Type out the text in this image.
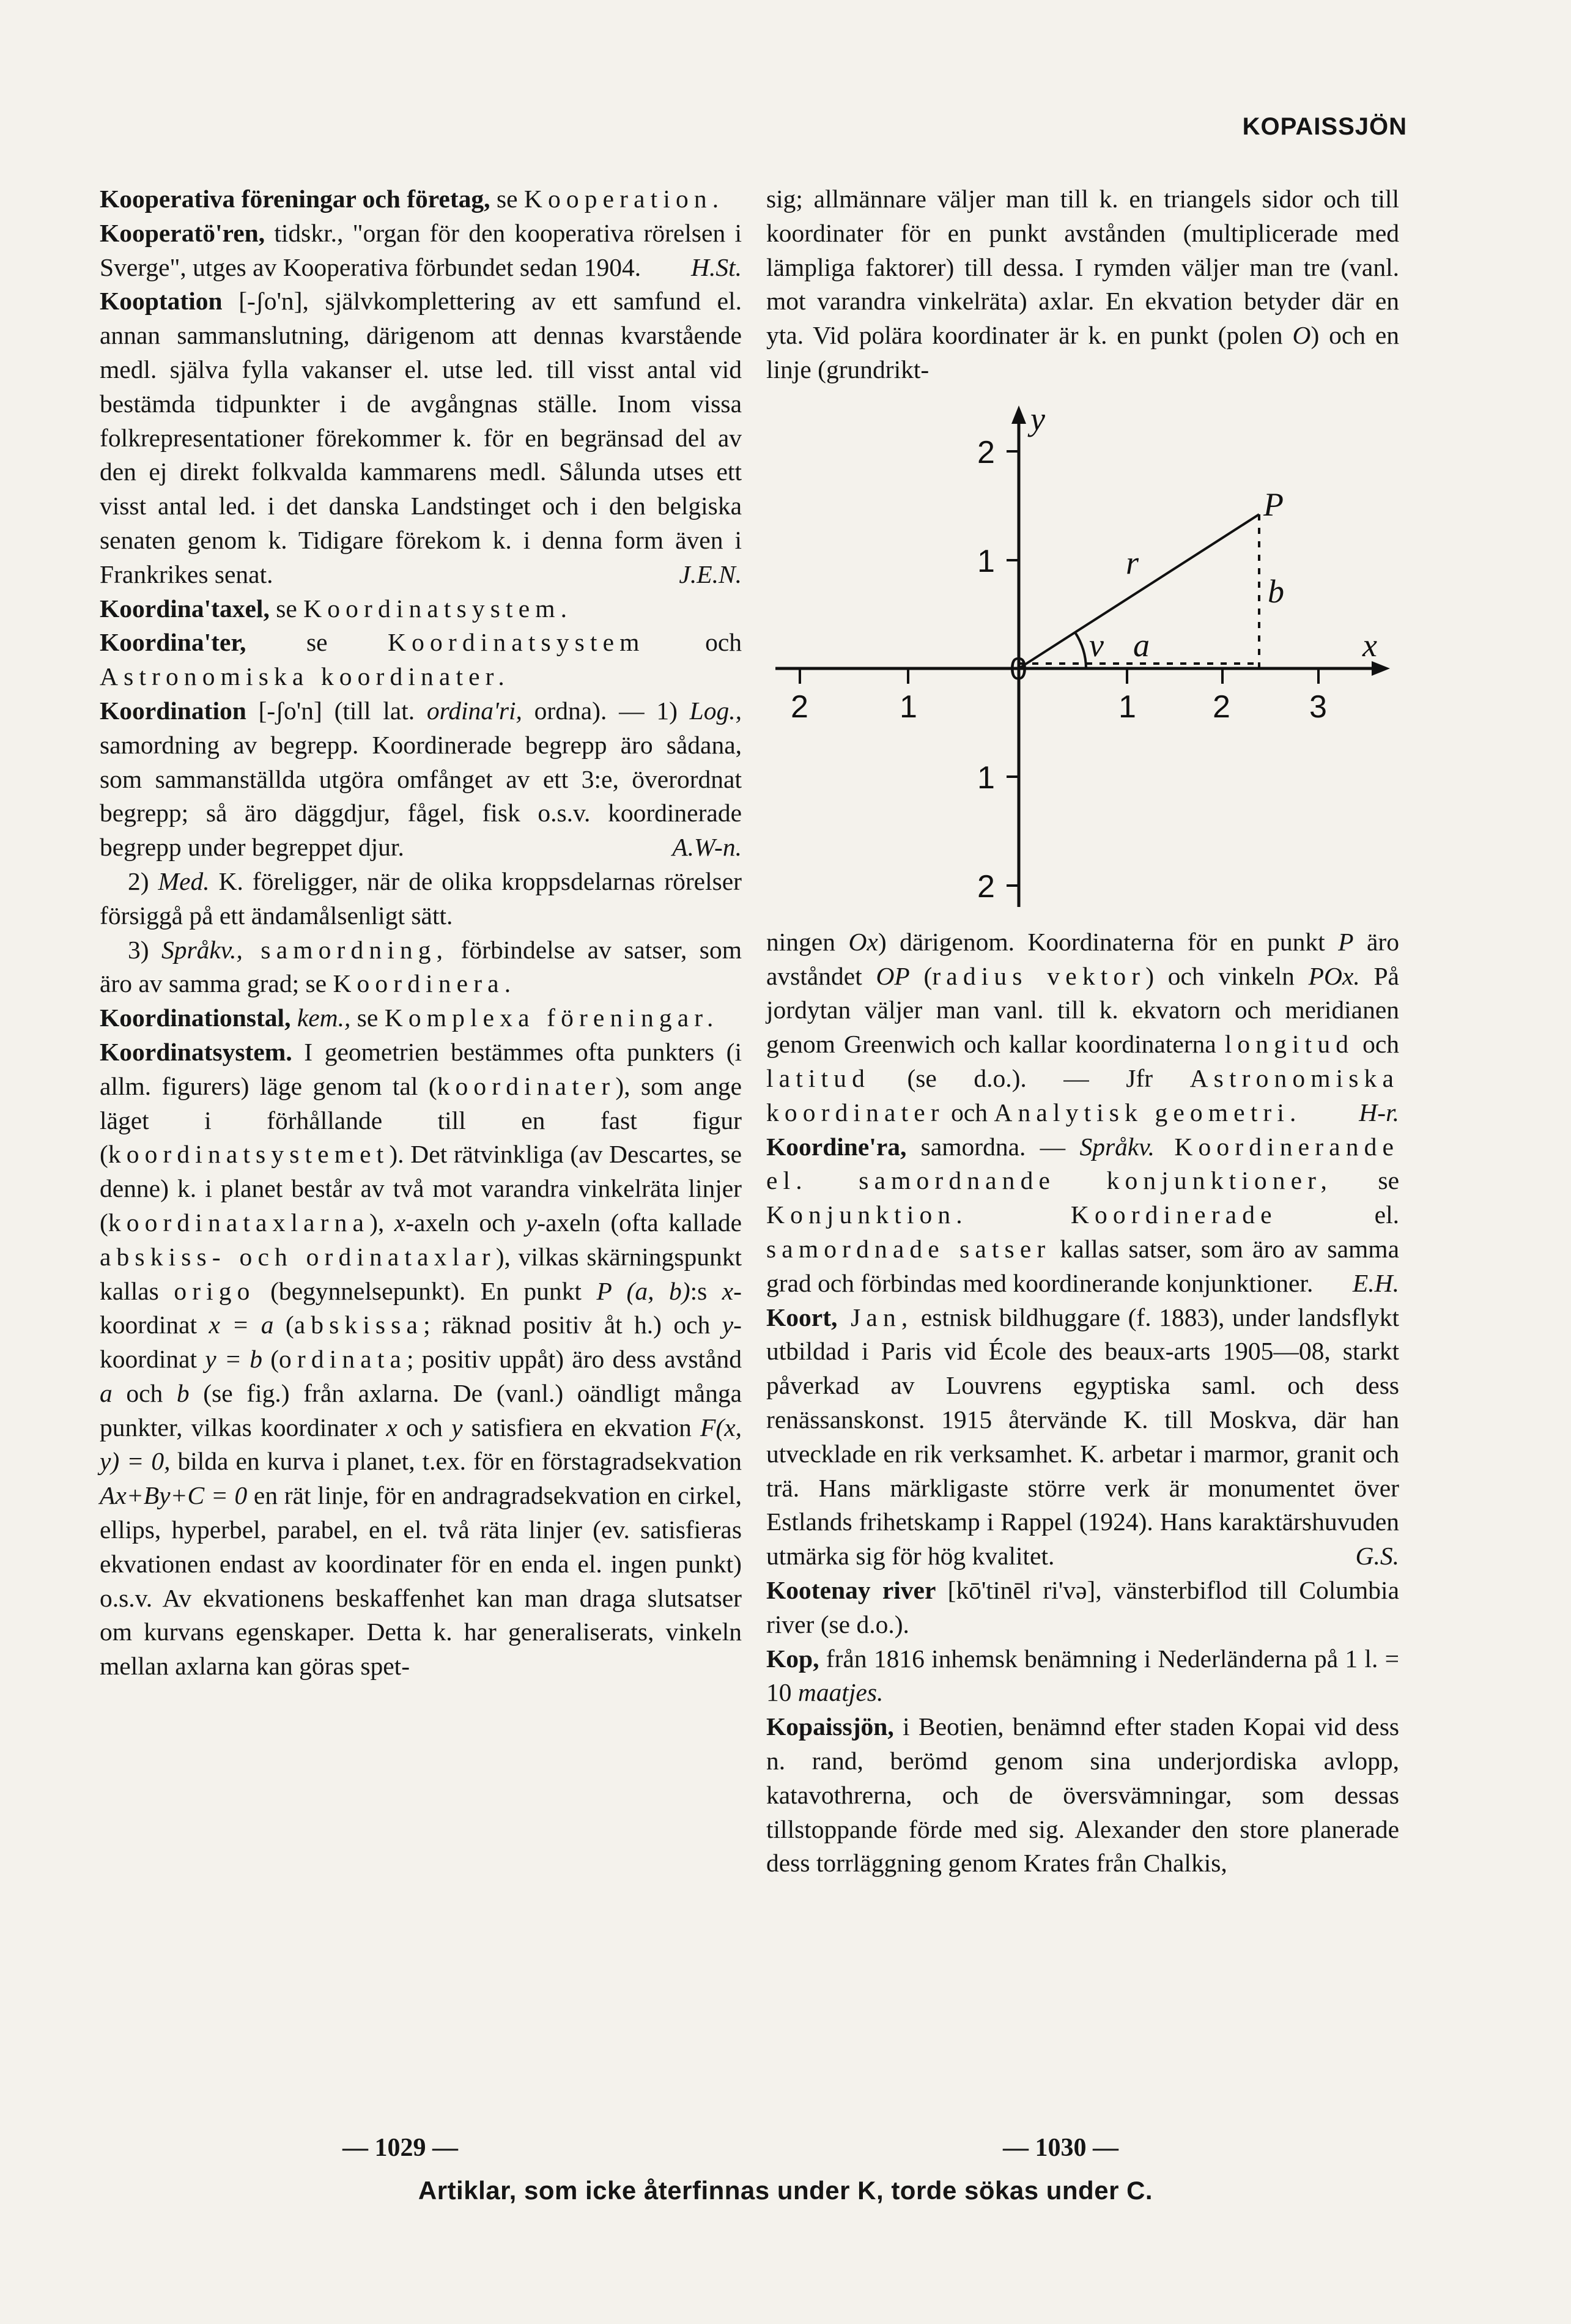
KOPAISSJÖN

Kooperativa föreningar och företag, se Kooperation.

Kooperatö'ren, tidskr., "organ för den kooperativa rörelsen i Sverge", utges av Kooperativa förbundet sedan 1904. H.St.

Kooptation [-ʃo'n], självkomplettering av ett samfund el. annan sammanslutning, därigenom att dennas kvarstående medl. själva fylla vakanser el. utse led. till visst antal vid bestämda tidpunkter i de avgångnas ställe. Inom vissa folkrepresentationer förekommer k. för en begränsad del av den ej direkt folkvalda kammarens medl. Sålunda utses ett visst antal led. i det danska Landstinget och i den belgiska senaten genom k. Tidigare förekom k. i denna form även i Frankrikes senat.	J.E.N.

Koordina'taxel, se Koordinatsystem.

Koordina'ter, se Koordinatsystem och Astronomiska koordinater.

Koordination [-ʃo'n] (till lat. ordina'ri, ordna). — 1) Log., samordning av begrepp. Koordinerade begrepp äro sådana, som sammanställda utgöra omfånget av ett 3:e, överordnat begrepp; så äro däggdjur, fågel, fisk o.s.v. koordinerade begrepp under begreppet djur.	A.W-n.

2) Med. K. föreligger, när de olika kroppsdelarnas rörelser försiggå på ett ändamålsenligt sätt.

3) Språkv., samordning, förbindelse av satser, som äro av samma grad; se Koordinera.

Koordinationstal, kem., se Komplexa föreningar.

Koordinatsystem. I geometrien bestämmes ofta punkters (i allm. figurers) läge genom tal (koordinater), som ange läget i förhållande till en fast figur (koordinatsystemet). Det rätvinkliga (av Descartes, se denne) k. i planet består av två mot varandra vinkelräta linjer (koordinataxlarna), x-axeln och y-axeln (ofta kallade abskiss- och ordinataxlar), vilkas skärningspunkt kallas origo (begynnelsepunkt). En punkt P (a, b):s x-koordinat x = a (abskissa; räknad positiv åt h.) och y-koordinat y = b (ordinata; positiv uppåt) äro dess avstånd a och b (se fig.) från axlarna. De (vanl.) oändligt många punkter, vilkas koordinater x och y satisfiera en ekvation F(x, y) = 0, bilda en kurva i planet, t.ex. för en förstagradsekvation Ax+By+C = 0 en rät linje, för en andragradsekvation en cirkel, ellips, hyperbel, parabel, en el. två räta linjer (ev. satisfieras ekvationen endast av koordinater för en enda el. ingen punkt) o.s.v. Av ekvationens beskaffenhet kan man draga slutsatser om kurvans egenskaper. Detta k. har generaliserats, vinkeln mellan axlarna kan göras spet-

sig; allmännare väljer man till k. en triangels sidor och till koordinater för en punkt avstånden (multiplicerade med lämpliga faktorer) till dessa. I rymden väljer man tre (vanl. mot varandra vinkelräta) axlar. En ekvation betyder där en yta. Vid polära koordinater är k. en punkt (polen O) och en linje (grundrikt-

2	1	1 2 3
2
1
1
2
y
x
0
P
r
b
v a

ningen Ox) därigenom. Koordinaterna för en punkt P äro avståndet OP (radius vektor) och vinkeln POx. På jordytan väljer man vanl. till k. ekvatorn och meridianen genom Greenwich och kallar koordinaterna longitud och latitud (se d.o.). — Jfr Astronomiska koordinater och Analytisk geometri. H-r.

Koordine'ra, samordna. — Språkv. Koordinerande el. samordnande konjunktioner, se Konjunktion. Koordinerade el. samordnade satser kallas satser, som äro av samma grad och förbindas med koordinerande konjunktioner. E.H.

Koort, Jan, estnisk bildhuggare (f. 1883), under landsflykt utbildad i Paris vid École des beaux-arts 1905—08, starkt påverkad av Louvrens egyptiska saml. och dess renässanskonst. 1915 återvände K. till Moskva, där han utvecklade en rik verksamhet. K. arbetar i marmor, granit och trä. Hans märkligaste större verk är monumentet över Estlands frihetskamp i Rappel (1924). Hans karaktärshuvuden utmärka sig för hög kvalitet.	G.S.

Kootenay river [kō'tinēl ri'və], vänsterbiflod till Columbia river (se d.o.).

Kop, från 1816 inhemsk benämning i Nederländerna på 1 l. = 10 maatjes.

Kopaissjön, i Beotien, benämnd efter staden Kopai vid dess n. rand, berömd genom sina underjordiska avlopp, katavothrerna, och de översvämningar, som dessas tillstoppande förde med sig. Alexander den store planerade dess torrläggning genom Krates från Chalkis,

— 1029 —	— 1030 —
Artiklar, som icke återfinnas under K, torde sökas under C.
